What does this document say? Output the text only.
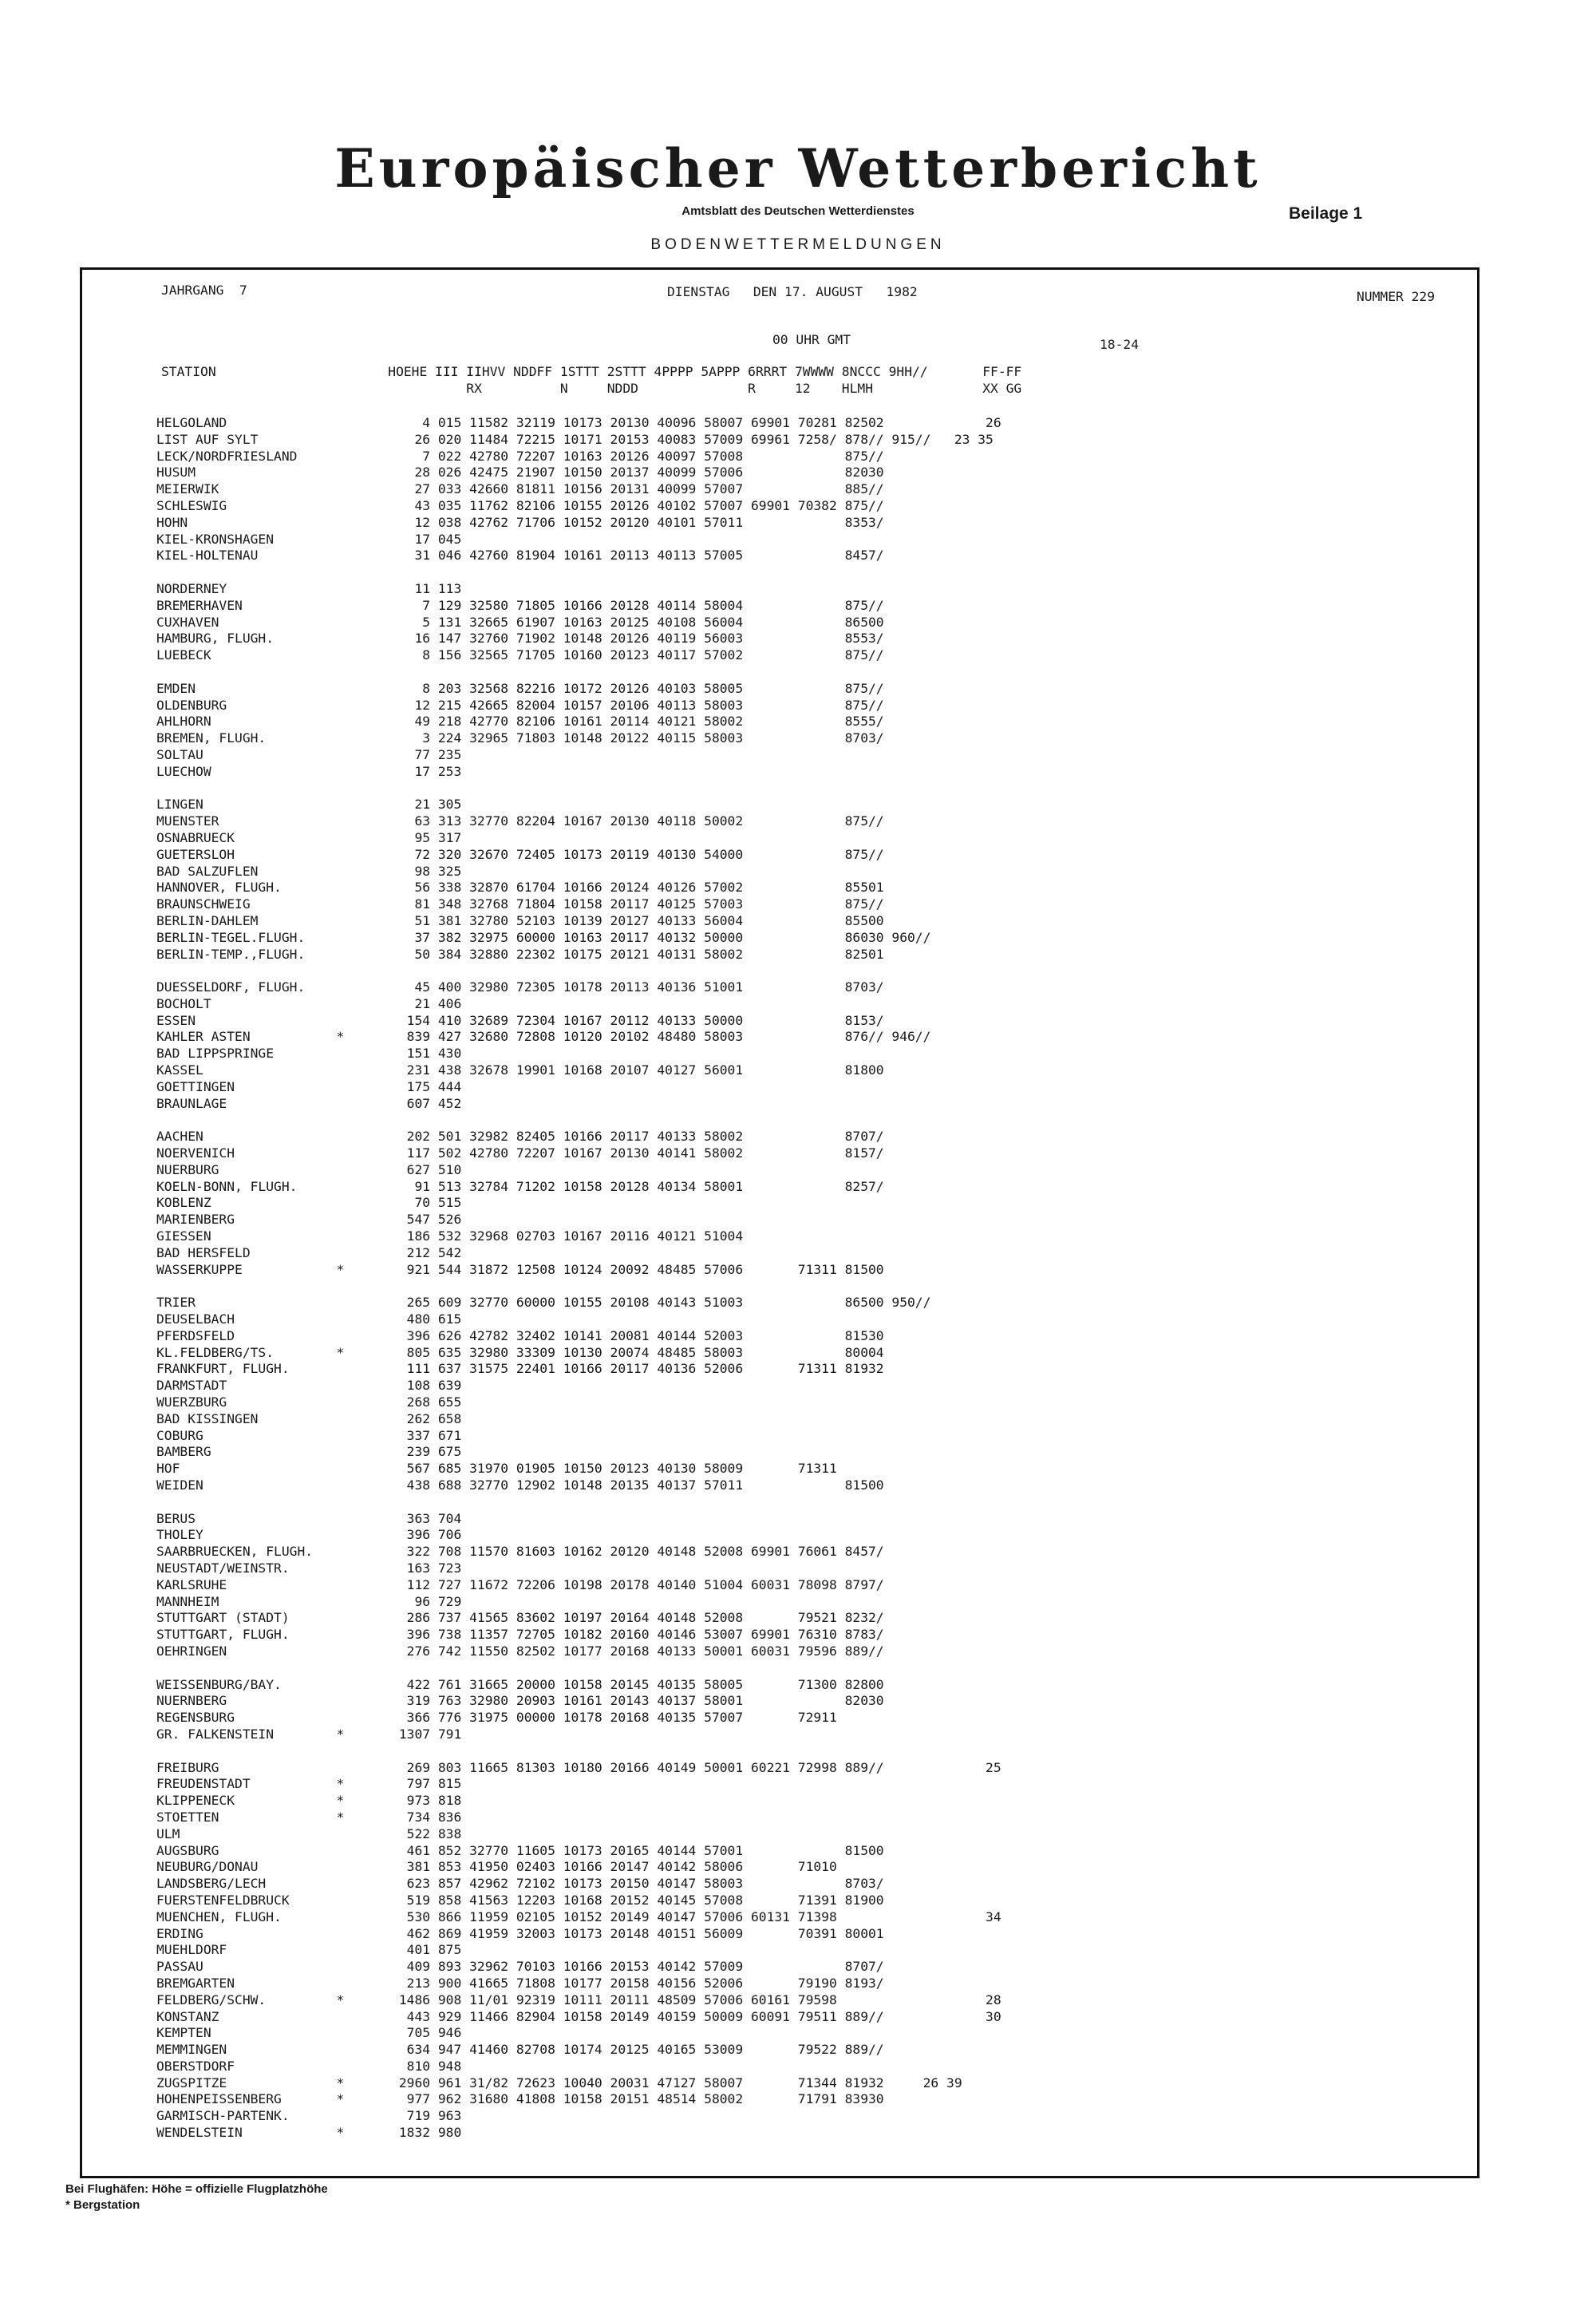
Europäischer Wetterbericht
Amtsblatt des Deutschen Wetterdienstes	Beilage 1
BODENWETTERMELDUNGEN
JAHRGANG  7	DIENSTAG   DEN 17. AUGUST   1982	NUMMER 229
00 UHR GMT	18-24
STATION                      HOEHE III IIHVV NDDFF 1STTT 2STTT 4PPPP 5APPP 6RRRT 7WWWW 8NCCC 9HH//       FF-FF
RX          N     NDDD              R     12    HLMH              XX GG
HELGOLAND                         4 015 11582 32119 10173 20130 40096 58007 69901 70281 82502             26
LIST AUF SYLT                    26 020 11484 72215 10171 20153 40083 57009 69961 7258/ 878// 915//   23 35
LECK/NORDFRIESLAND                7 022 42780 72207 10163 20126 40097 57008             875//
HUSUM                            28 026 42475 21907 10150 20137 40099 57006             82030
MEIERWIK                         27 033 42660 81811 10156 20131 40099 57007             885//
SCHLESWIG                        43 035 11762 82106 10155 20126 40102 57007 69901 70382 875//
HOHN                             12 038 42762 71706 10152 20120 40101 57011             8353/
KIEL-KRONSHAGEN                  17 045
KIEL-HOLTENAU                    31 046 42760 81904 10161 20113 40113 57005             8457/
NORDERNEY                        11 113
BREMERHAVEN                       7 129 32580 71805 10166 20128 40114 58004             875//
CUXHAVEN                          5 131 32665 61907 10163 20125 40108 56004             86500
HAMBURG, FLUGH.                  16 147 32760 71902 10148 20126 40119 56003             8553/
LUEBECK                           8 156 32565 71705 10160 20123 40117 57002             875//
EMDEN                             8 203 32568 82216 10172 20126 40103 58005             875//
OLDENBURG                        12 215 42665 82004 10157 20106 40113 58003             875//
AHLHORN                          49 218 42770 82106 10161 20114 40121 58002             8555/
BREMEN, FLUGH.                    3 224 32965 71803 10148 20122 40115 58003             8703/
SOLTAU                           77 235
LUECHOW                          17 253
LINGEN                           21 305
MUENSTER                         63 313 32770 82204 10167 20130 40118 50002             875//
OSNABRUECK                       95 317
GUETERSLOH                       72 320 32670 72405 10173 20119 40130 54000             875//
BAD SALZUFLEN                    98 325
HANNOVER, FLUGH.                 56 338 32870 61704 10166 20124 40126 57002             85501
BRAUNSCHWEIG                     81 348 32768 71804 10158 20117 40125 57003             875//
BERLIN-DAHLEM                    51 381 32780 52103 10139 20127 40133 56004             85500
BERLIN-TEGEL.FLUGH.              37 382 32975 60000 10163 20117 40132 50000             86030 960//
BERLIN-TEMP.,FLUGH.              50 384 32880 22302 10175 20121 40131 58002             82501
DUESSELDORF, FLUGH.              45 400 32980 72305 10178 20113 40136 51001             8703/
BOCHOLT                          21 406
ESSEN                           154 410 32689 72304 10167 20112 40133 50000             8153/
KAHLER ASTEN           *        839 427 32680 72808 10120 20102 48480 58003             876// 946//
BAD LIPPSPRINGE                 151 430
KASSEL                          231 438 32678 19901 10168 20107 40127 56001             81800
GOETTINGEN                      175 444
BRAUNLAGE                       607 452
AACHEN                          202 501 32982 82405 10166 20117 40133 58002             8707/
NOERVENICH                      117 502 42780 72207 10167 20130 40141 58002             8157/
NUERBURG                        627 510
KOELN-BONN, FLUGH.               91 513 32784 71202 10158 20128 40134 58001             8257/
KOBLENZ                          70 515
MARIENBERG                      547 526
GIESSEN                         186 532 32968 02703 10167 20116 40121 51004
BAD HERSFELD                    212 542
WASSERKUPPE            *        921 544 31872 12508 10124 20092 48485 57006       71311 81500
TRIER                           265 609 32770 60000 10155 20108 40143 51003             86500 950//
DEUSELBACH                      480 615
PFERDSFELD                      396 626 42782 32402 10141 20081 40144 52003             81530
KL.FELDBERG/TS.        *        805 635 32980 33309 10130 20074 48485 58003             80004
FRANKFURT, FLUGH.               111 637 31575 22401 10166 20117 40136 52006       71311 81932
DARMSTADT                       108 639
WUERZBURG                       268 655
BAD KISSINGEN                   262 658
COBURG                          337 671
BAMBERG                         239 675
HOF                             567 685 31970 01905 10150 20123 40130 58009       71311
WEIDEN                          438 688 32770 12902 10148 20135 40137 57011             81500
BERUS                           363 704
THOLEY                          396 706
SAARBRUECKEN, FLUGH.            322 708 11570 81603 10162 20120 40148 52008 69901 76061 8457/
NEUSTADT/WEINSTR.               163 723
KARLSRUHE                       112 727 11672 72206 10198 20178 40140 51004 60031 78098 8797/
MANNHEIM                         96 729
STUTTGART (STADT)               286 737 41565 83602 10197 20164 40148 52008       79521 8232/
STUTTGART, FLUGH.               396 738 11357 72705 10182 20160 40146 53007 69901 76310 8783/
OEHRINGEN                       276 742 11550 82502 10177 20168 40133 50001 60031 79596 889//
WEISSENBURG/BAY.                422 761 31665 20000 10158 20145 40135 58005       71300 82800
NUERNBERG                       319 763 32980 20903 10161 20143 40137 58001             82030
REGENSBURG                      366 776 31975 00000 10178 20168 40135 57007       72911
GR. FALKENSTEIN        *       1307 791
FREIBURG                        269 803 11665 81303 10180 20166 40149 50001 60221 72998 889//             25
FREUDENSTADT           *        797 815
KLIPPENECK             *        973 818
STOETTEN               *        734 836
ULM                             522 838
AUGSBURG                        461 852 32770 11605 10173 20165 40144 57001             81500
NEUBURG/DONAU                   381 853 41950 02403 10166 20147 40142 58006       71010
LANDSBERG/LECH                  623 857 42962 72102 10173 20150 40147 58003             8703/
FUERSTENFELDBRUCK               519 858 41563 12203 10168 20152 40145 57008       71391 81900
MUENCHEN, FLUGH.                530 866 11959 02105 10152 20149 40147 57006 60131 71398                   34
ERDING                          462 869 41959 32003 10173 20148 40151 56009       70391 80001
MUEHLDORF                       401 875
PASSAU                          409 893 32962 70103 10166 20153 40142 57009             8707/
BREMGARTEN                      213 900 41665 71808 10177 20158 40156 52006       79190 8193/
FELDBERG/SCHW.         *       1486 908 11/01 92319 10111 20111 48509 57006 60161 79598                   28
KONSTANZ                        443 929 11466 82904 10158 20149 40159 50009 60091 79511 889//             30
KEMPTEN                         705 946
MEMMINGEN                       634 947 41460 82708 10174 20125 40165 53009       79522 889//
OBERSTDORF                      810 948
ZUGSPITZE              *       2960 961 31/82 72623 10040 20031 47127 58007       71344 81932     26 39
HOHENPEISSENBERG       *        977 962 31680 41808 10158 20151 48514 58002       71791 83930
GARMISCH-PARTENK.               719 963
WENDELSTEIN            *       1832 980
Bei Flughäfen: Höhe = offizielle Flugplatzhöhe
* Bergstation
